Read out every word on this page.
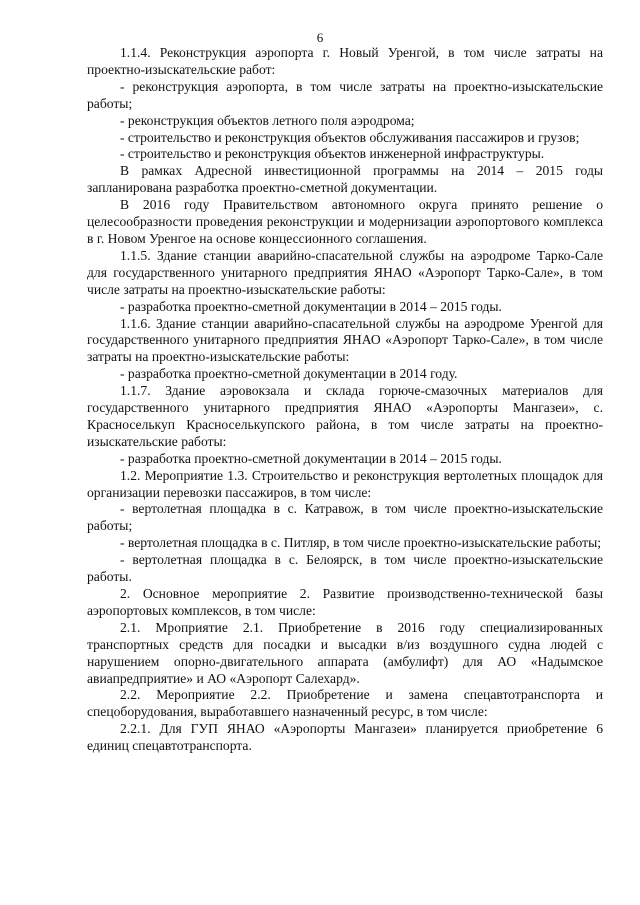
6

1.1.4. Реконструкция аэропорта г. Новый Уренгой, в том числе затраты на проектно-изыскательские работ:

- реконструкция аэропорта, в том числе затраты на проектно-изыскательские работы;

- реконструкция объектов летного поля аэродрома;

- строительство и реконструкция объектов обслуживания пассажиров и грузов;

- строительство и реконструкция объектов инженерной инфраструктуры.

В рамках Адресной инвестиционной программы на 2014 – 2015 годы запланирована разработка проектно-сметной документации.

В 2016 году Правительством автономного округа принято решение о целесообразности проведения реконструкции и модернизации аэропортового комплекса в г. Новом Уренгое на основе концессионного соглашения.

1.1.5. Здание станции аварийно-спасательной службы на аэродроме Тарко-Сале для государственного унитарного предприятия ЯНАО «Аэропорт Тарко-Сале», в том числе затраты на проектно-изыскательские работы:

- разработка проектно-сметной документации в 2014 – 2015 годы.

1.1.6. Здание станции аварийно-спасательной службы на аэродроме Уренгой для государственного унитарного предприятия ЯНАО «Аэропорт Тарко-Сале», в том числе затраты на проектно-изыскательские работы:

- разработка проектно-сметной документации в 2014 году.

1.1.7. Здание аэровокзала и склада горюче-смазочных материалов для государственного унитарного предприятия ЯНАО «Аэропорты Мангазеи», с. Красноселькуп Красноселькупского района, в том числе затраты на проектно-изыскательские работы:

- разработка проектно-сметной документации в 2014 – 2015 годы.

1.2. Мероприятие 1.3. Строительство и реконструкция вертолетных площадок для организации перевозки пассажиров, в том числе:

- вертолетная площадка в с. Катравож, в том числе проектно-изыскательские работы;

- вертолетная площадка в с. Питляр, в том числе проектно-изыскательские работы;

- вертолетная площадка в с. Белоярск, в том числе проектно-изыскательские работы.

2. Основное мероприятие 2. Развитие производственно-технической базы аэропортовых комплексов, в том числе:

2.1. Мроприятие 2.1. Приобретение в 2016 году специализированных транспортных средств для посадки и высадки в/из воздушного судна людей с нарушением опорно-двигательного аппарата (амбулифт) для АО «Надымское авиапредприятие» и АО «Аэропорт Салехард».

2.2. Мероприятие 2.2. Приобретение и замена спецавтотранспорта и спецоборудования, выработавшего назначенный ресурс, в том числе:

2.2.1. Для ГУП ЯНАО «Аэропорты Мангазеи» планируется приобретение 6 единиц спецавтотранспорта.
